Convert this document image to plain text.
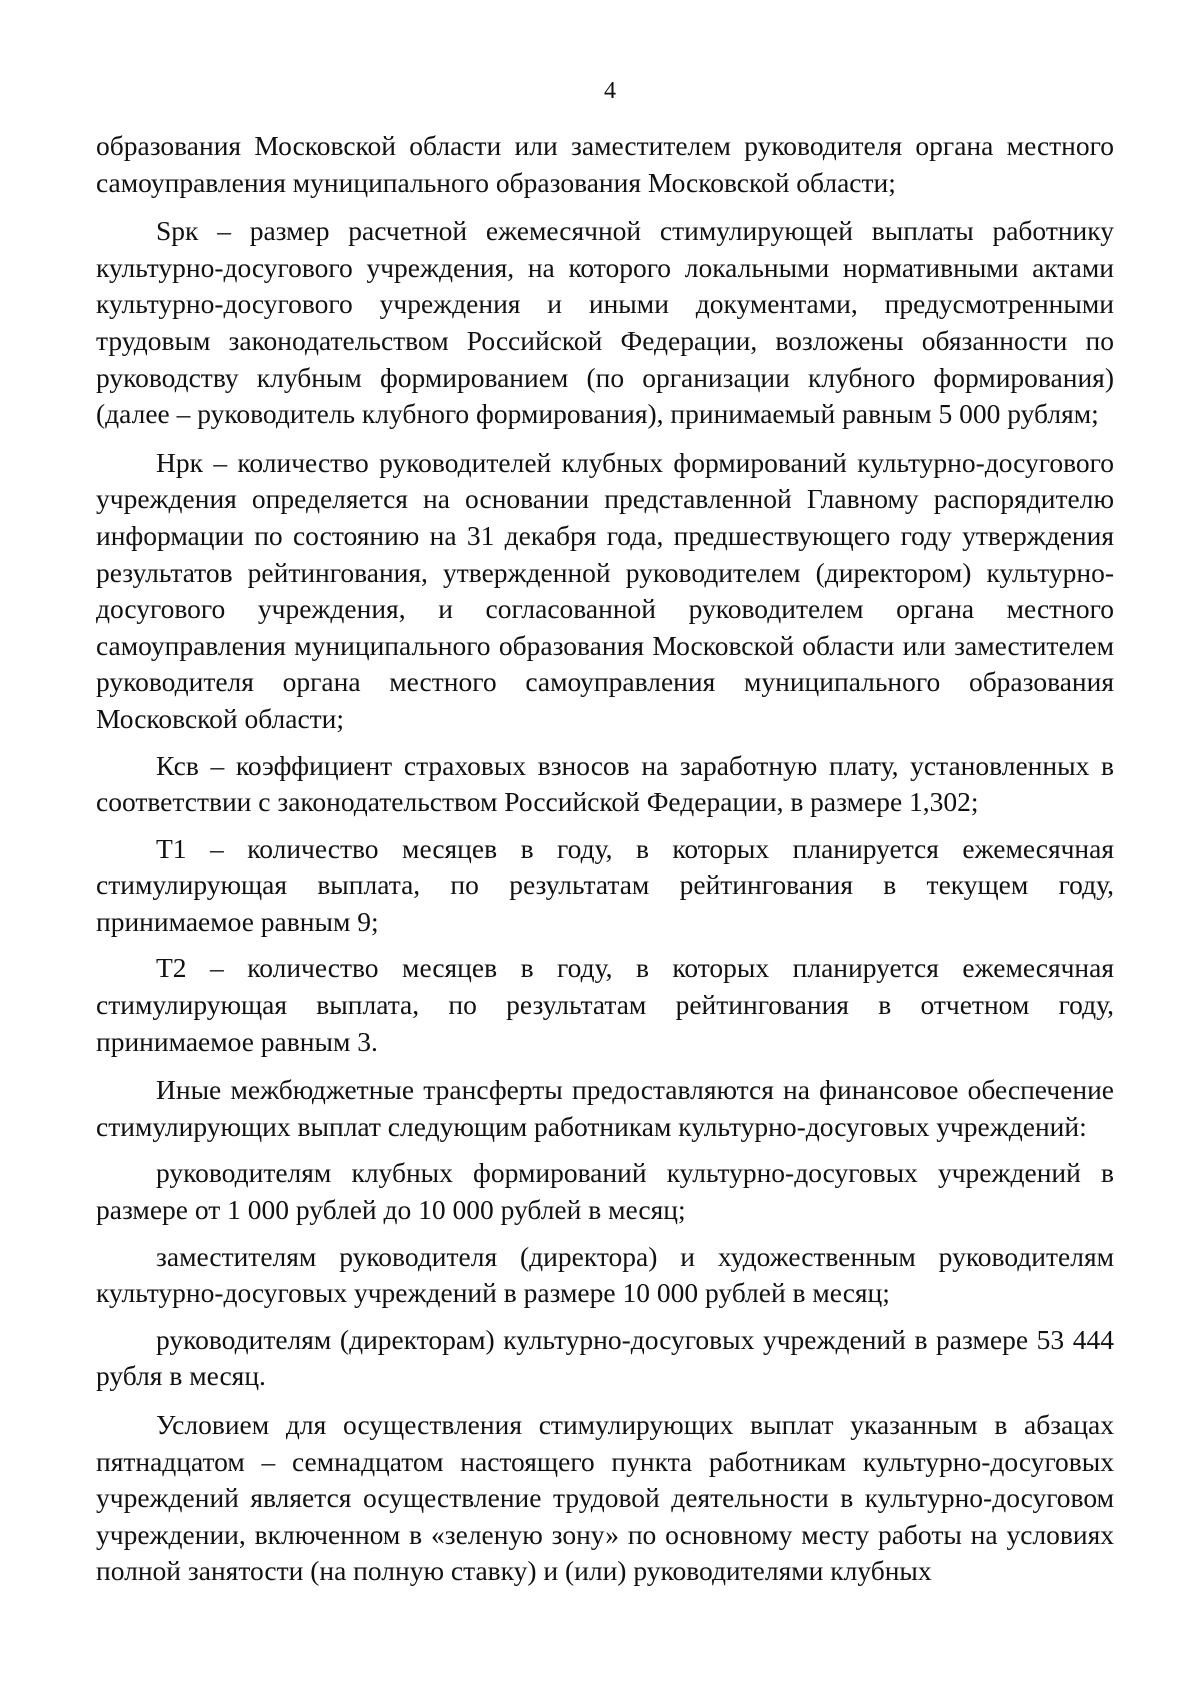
4

образования Московской области или заместителем руководителя органа местного самоуправления муниципального образования Московской области;

Spк – размер расчетной ежемесячной стимулирующей выплаты работнику культурно-досугового учреждения, на которого локальными нормативными актами культурно-досугового учреждения и иными документами, предусмотренными трудовым законодательством Российской Федерации, возложены обязанности по руководству клубным формированием (по организации клубного формирования) (далее – руководитель клубного формирования), принимаемый равным 5 000 рублям;

Нрк – количество руководителей клубных формирований культурно-досугового учреждения определяется на основании представленной Главному распорядителю информации по состоянию на 31 декабря года, предшествующего году утверждения результатов рейтингования, утвержденной руководителем (директором) культурно-досугового учреждения, и согласованной руководителем органа местного самоуправления муниципального образования Московской области или заместителем руководителя органа местного самоуправления муниципального образования Московской области;

Ксв – коэффициент страховых взносов на заработную плату, установленных в соответствии с законодательством Российской Федерации, в размере 1,302;

Т1 – количество месяцев в году, в которых планируется ежемесячная стимулирующая выплата, по результатам рейтингования в текущем году, принимаемое равным 9;

Т2 – количество месяцев в году, в которых планируется ежемесячная стимулирующая выплата, по результатам рейтингования в отчетном году, принимаемое равным 3.

Иные межбюджетные трансферты предоставляются на финансовое обеспечение стимулирующих выплат следующим работникам культурно-досуговых учреждений:

руководителям клубных формирований культурно-досуговых учреждений в размере от 1 000 рублей до 10 000 рублей в месяц;

заместителям руководителя (директора) и художественным руководителям культурно-досуговых учреждений в размере 10 000 рублей в месяц;

руководителям (директорам) культурно-досуговых учреждений в размере 53 444 рубля в месяц.

Условием для осуществления стимулирующих выплат указанным в абзацах пятнадцатом – семнадцатом настоящего пункта работникам культурно-досуговых учреждений является осуществление трудовой деятельности в культурно-досуговом учреждении, включенном в «зеленую зону» по основному месту работы на условиях полной занятости (на полную ставку) и (или) руководителями клубных
